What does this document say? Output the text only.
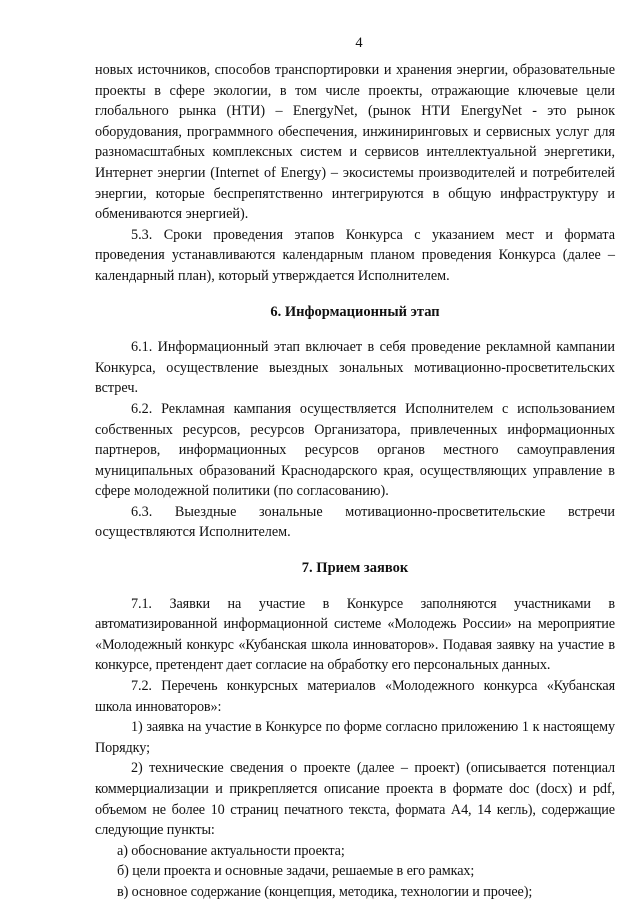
4

новых источников, способов транспортировки и хранения энергии, образовательные проекты в сфере экологии, в том числе проекты, отражающие ключевые цели глобального рынка (НТИ) – EnergyNet, (рынок НТИ EnergyNet - это рынок оборудования, программного обеспечения, инжиниринговых и сервисных услуг для разномасштабных комплексных систем и сервисов интеллектуальной энергетики, Интернет энергии (Internet of Energy) – экосистемы производителей и потребителей энергии, которые беспрепятственно интегрируются в общую инфраструктуру и обмениваются энергией).

5.3. Сроки проведения этапов Конкурса с указанием мест и формата проведения устанавливаются календарным планом проведения Конкурса (далее – календарный план), который утверждается Исполнителем.

6. Информационный этап

6.1. Информационный этап включает в себя проведение рекламной кампании Конкурса, осуществление выездных зональных мотивационно-просветительских встреч.

6.2. Рекламная кампания осуществляется Исполнителем с использованием собственных ресурсов, ресурсов Организатора, привлеченных информационных партнеров, информационных ресурсов органов местного самоуправления муниципальных образований Краснодарского края, осуществляющих управление в сфере молодежной политики (по согласованию).

6.3. Выездные зональные мотивационно-просветительские встречи осуществляются Исполнителем.

7. Прием заявок

7.1. Заявки на участие в Конкурсе заполняются участниками в автоматизированной информационной системе «Молодежь России» на мероприятие «Молодежный конкурс «Кубанская школа инноваторов». Подавая заявку на участие в конкурсе, претендент дает согласие на обработку его персональных данных.

7.2. Перечень конкурсных материалов «Молодежного конкурса «Кубанская школа инноваторов»:

1) заявка на участие в Конкурсе по форме согласно приложению 1 к настоящему Порядку;

2) технические сведения о проекте (далее – проект) (описывается потенциал коммерциализации и прикрепляется описание проекта в формате doc (docx) и pdf, объемом не более 10 страниц печатного текста, формата А4, 14 кегль), содержащие следующие пункты:

а) обоснование актуальности проекта;

б) цели проекта и основные задачи, решаемые в его рамках;

в) основное содержание (концепция, методика, технологии и прочее);
